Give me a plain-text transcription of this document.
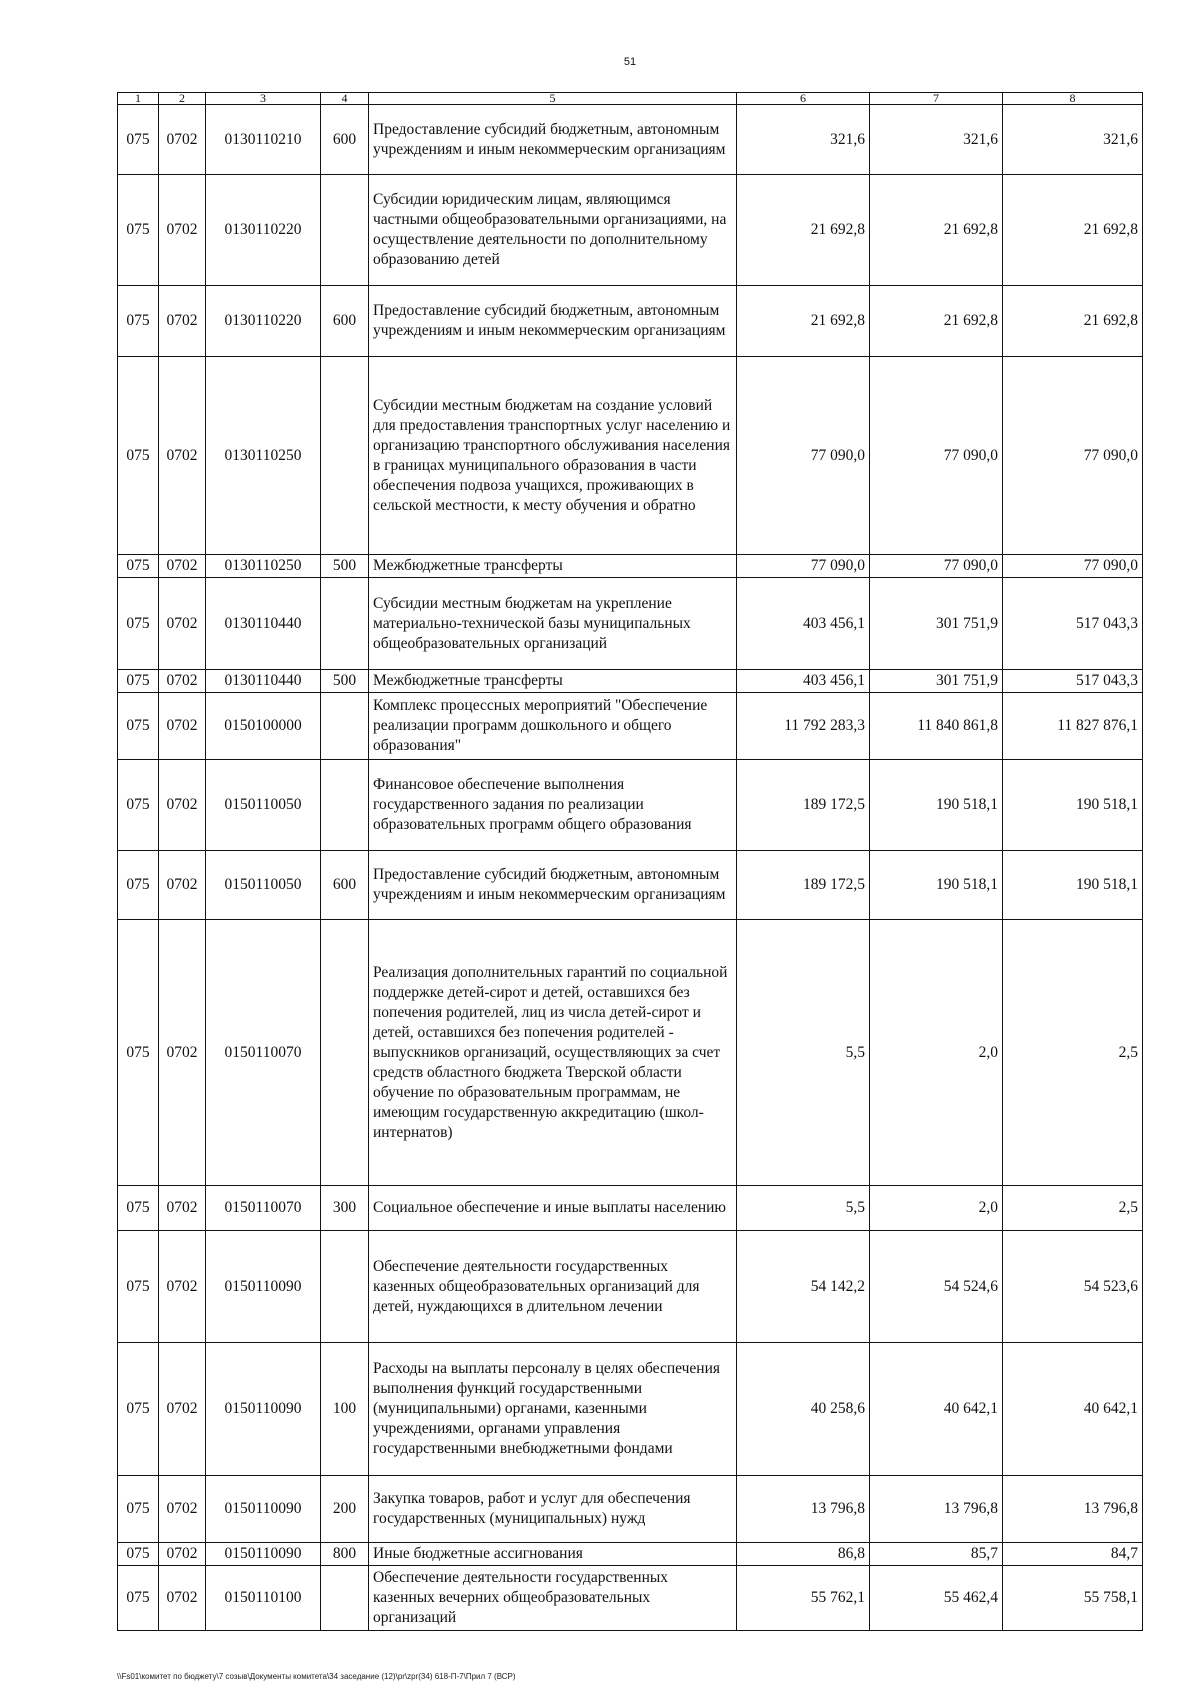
51
1	2	3	4	5	6	7	8
075	0702	0130110210	600	Предоставление субсидий бюджетным, автономным учреждениям и иным некоммерческим организациям	321,6	321,6	321,6
075	0702	0130110220		Субсидии юридическим лицам, являющимся частными общеобразовательными организациями, на осуществление деятельности по дополнительному образованию детей	21 692,8	21 692,8	21 692,8
075	0702	0130110220	600	Предоставление субсидий бюджетным, автономным учреждениям и иным некоммерческим организациям	21 692,8	21 692,8	21 692,8
075	0702	0130110250		Субсидии местным бюджетам на создание условий для предоставления транспортных услуг населению и организацию транспортного обслуживания населения в границах муниципального образования в части обеспечения подвоза учащихся, проживающих в сельской местности, к месту обучения и обратно	77 090,0	77 090,0	77 090,0
075	0702	0130110250	500	Межбюджетные трансферты	77 090,0	77 090,0	77 090,0
075	0702	0130110440		Субсидии местным бюджетам на укрепление материально-технической базы муниципальных общеобразовательных организаций	403 456,1	301 751,9	517 043,3
075	0702	0130110440	500	Межбюджетные трансферты	403 456,1	301 751,9	517 043,3
075	0702	0150100000		Комплекс процессных мероприятий "Обеспечение реализации программ дошкольного и общего образования"	11 792 283,3	11 840 861,8	11 827 876,1
075	0702	0150110050		Финансовое обеспечение выполнения государственного задания по реализации образовательных программ общего образования	189 172,5	190 518,1	190 518,1
075	0702	0150110050	600	Предоставление субсидий бюджетным, автономным учреждениям и иным некоммерческим организациям	189 172,5	190 518,1	190 518,1
075	0702	0150110070		Реализация дополнительных гарантий по социальной поддержке детей-сирот и детей, оставшихся без попечения родителей, лиц из числа детей-сирот и детей, оставшихся без попечения родителей - выпускников организаций, осуществляющих за счет средств областного бюджета Тверской области обучение по образовательным программам, не имеющим государственную аккредитацию (школ-интернатов)	5,5	2,0	2,5
075	0702	0150110070	300	Социальное обеспечение и иные выплаты населению	5,5	2,0	2,5
075	0702	0150110090		Обеспечение деятельности государственных казенных общеобразовательных организаций для детей, нуждающихся в длительном лечении	54 142,2	54 524,6	54 523,6
075	0702	0150110090	100	Расходы на выплаты персоналу в целях обеспечения выполнения функций государственными (муниципальными) органами, казенными учреждениями, органами управления государственными внебюджетными фондами	40 258,6	40 642,1	40 642,1
075	0702	0150110090	200	Закупка товаров, работ и услуг для обеспечения государственных (муниципальных) нужд	13 796,8	13 796,8	13 796,8
075	0702	0150110090	800	Иные бюджетные ассигнования	86,8	85,7	84,7
075	0702	0150110100		Обеспечение деятельности государственных казенных вечерних общеобразовательных организаций	55 762,1	55 462,4	55 758,1
\\Fs01\комитет по бюджету\7 созыв\Документы комитета\34 заседание (12)\pr\zpr(34) 618-П-7\Прил 7 (ВСР)
